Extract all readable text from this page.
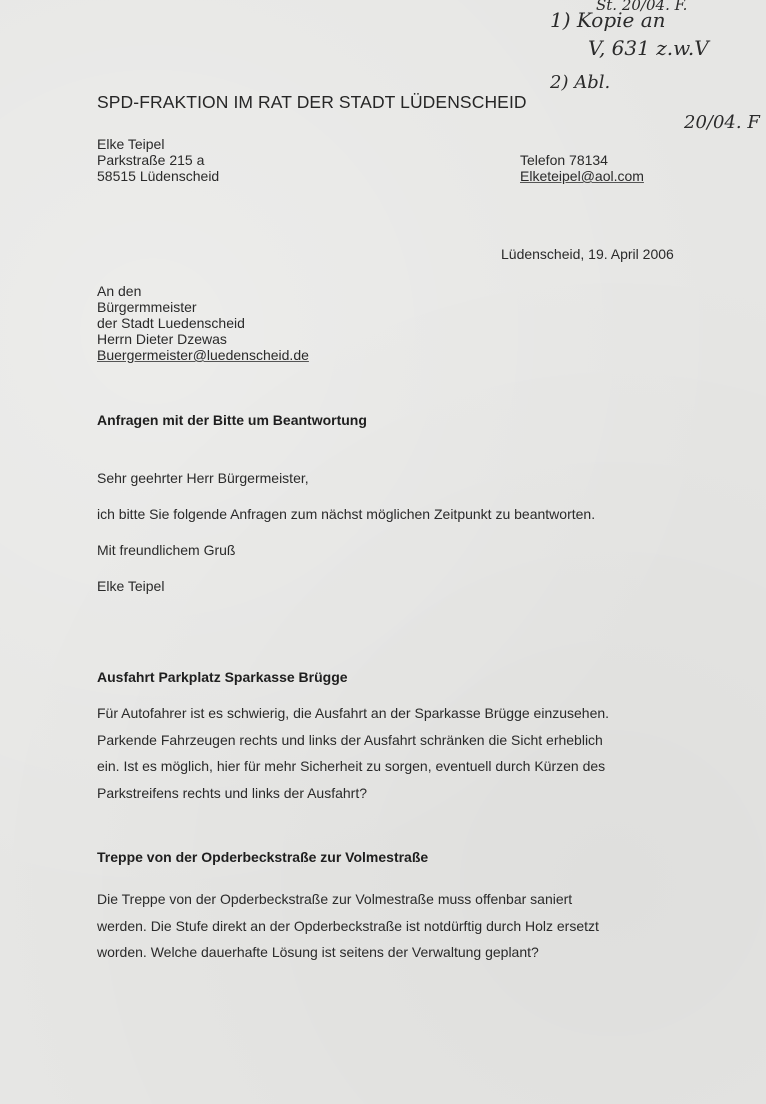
St. 20/04. F.
1) Kopie an
V, 631 z.w.V
2) Abl.
20/04. F
SPD-FRAKTION IM RAT DER STADT LÜDENSCHEID
Elke Teipel
Parkstraße 215 a
58515 Lüdenscheid
Telefon 78134
Elketeipel@aol.com
Lüdenscheid, 19. April 2006
An den
Bürgermmeister
der Stadt Luedenscheid
Herrn Dieter Dzewas
Buergermeister@luedenscheid.de
Anfragen mit der Bitte um Beantwortung
Sehr geehrter Herr Bürgermeister,
ich bitte Sie folgende Anfragen zum nächst möglichen Zeitpunkt zu beantworten.
Mit freundlichem Gruß
Elke Teipel
Ausfahrt Parkplatz Sparkasse Brügge
Für Autofahrer ist es schwierig, die Ausfahrt an der Sparkasse Brügge einzusehen.
Parkende Fahrzeugen rechts und links der Ausfahrt schränken die Sicht erheblich
ein. Ist es möglich, hier für mehr Sicherheit zu sorgen, eventuell durch Kürzen des
Parkstreifens rechts und links der Ausfahrt?
Treppe von der Opderbeckstraße zur Volmestraße
Die Treppe von der Opderbeckstraße zur Volmestraße muss offenbar saniert
werden. Die Stufe direkt an der Opderbeckstraße ist notdürftig durch Holz ersetzt
worden. Welche dauerhafte Lösung ist seitens der Verwaltung geplant?
